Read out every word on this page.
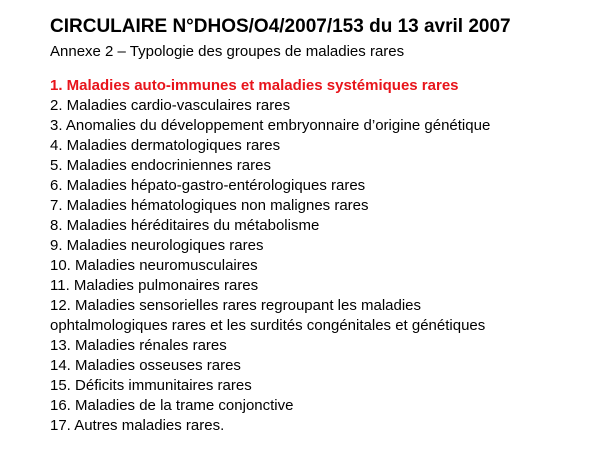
CIRCULAIRE N°DHOS/O4/2007/153 du 13 avril 2007

Annexe 2 – Typologie des groupes de maladies rares

1. Maladies auto-immunes et maladies systémiques rares
2. Maladies cardio-vasculaires rares
3. Anomalies du développement embryonnaire d’origine génétique
4. Maladies dermatologiques rares
5. Maladies endocriniennes rares
6. Maladies hépato-gastro-entérologiques rares
7. Maladies hématologiques non malignes rares
8. Maladies héréditaires du métabolisme
9. Maladies neurologiques rares
10. Maladies neuromusculaires
11. Maladies pulmonaires rares
12. Maladies sensorielles rares regroupant les maladies
ophtalmologiques rares et les surdités congénitales et génétiques
13. Maladies rénales rares
14. Maladies osseuses rares
15. Déficits immunitaires rares
16. Maladies de la trame conjonctive
17. Autres maladies rares.
